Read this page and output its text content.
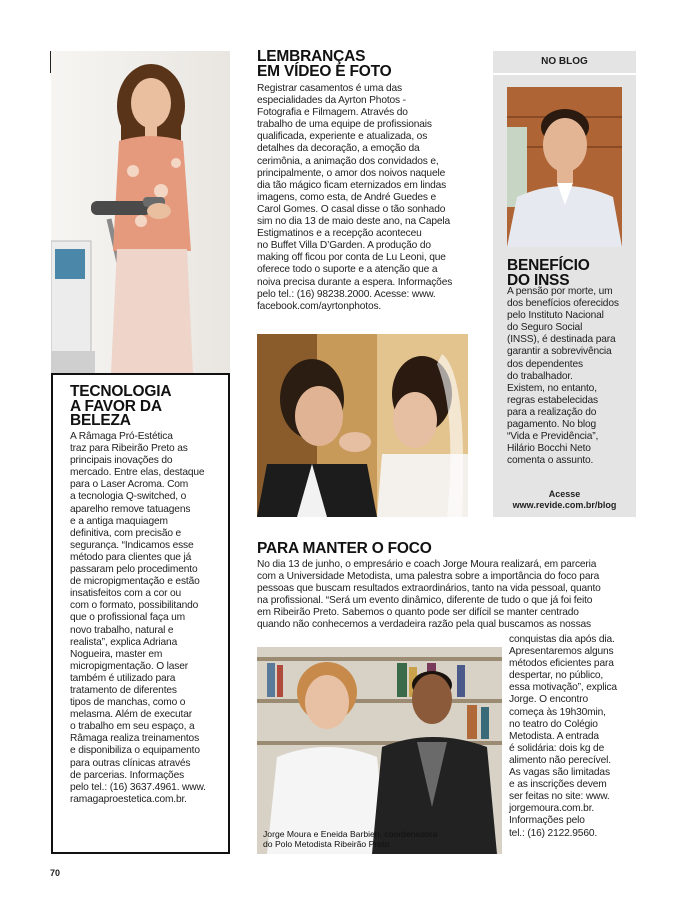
TECNOLOGIA
A FAVOR DA
BELEZA
A Râmaga Pró-Estética
traz para Ribeirão Preto as
principais inovações do
mercado. Entre elas, destaque
para o Laser Acroma. Com
a tecnologia Q-switched, o
aparelho remove tatuagens
e a antiga maquiagem
definitiva, com precisão e
segurança. “Indicamos esse
método para clientes que já
passaram pelo procedimento
de micropigmentação e estão
insatisfeitos com a cor ou
com o formato, possibilitando
que o profissional faça um
novo trabalho, natural e
realista”, explica Adriana
Nogueira, master em
micropigmentação. O laser
também é utilizado para
tratamento de diferentes
tipos de manchas, como o
melasma. Além de executar
o trabalho em seu espaço, a
Râmaga realiza treinamentos
e disponibiliza o equipamento
para outras clínicas através
de parcerias. Informações
pelo tel.: (16) 3637.4961. www.
ramagaproestetica.com.br.
LEMBRANÇAS
EM VÍDEO E FOTO
Registrar casamentos é uma das
especialidades da Ayrton Photos -
Fotografia e Filmagem. Através do
trabalho de uma equipe de profissionais
qualificada, experiente e atualizada, os
detalhes da decoração, a emoção da
cerimônia, a animação dos convidados e,
principalmente, o amor dos noivos naquele
dia tão mágico ficam eternizados em lindas
imagens, como esta, de André Guedes e
Carol Gomes. O casal disse o tão sonhado
sim no dia 13 de maio deste ano, na Capela
Estigmatinos e a recepção aconteceu
no Buffet Villa D’Garden. A produção do
making off ficou por conta de Lu Leoni, que
oferece todo o suporte e a atenção que a
noiva precisa durante a espera. Informações
pelo tel.: (16) 98238.2000. Acesse: www.
facebook.com/ayrtonphotos.
NO BLOG
BENEFÍCIO
DO INSS
A pensão por morte, um
dos benefícios oferecidos
pelo Instituto Nacional
do Seguro Social
(INSS), é destinada para
garantir a sobrevivência
dos dependentes
do trabalhador.
Existem, no entanto,
regras estabelecidas
para a realização do
pagamento. No blog
“Vida e Previdência”,
Hilário Bocchi Neto
comenta o assunto.
Acesse
www.revide.com.br/blog
PARA MANTER O FOCO
No dia 13 de junho, o empresário e coach Jorge Moura realizará, em parceria
com a Universidade Metodista, uma palestra sobre a importância do foco para
pessoas que buscam resultados extraordinários, tanto na vida pessoal, quanto
na profissional. “Será um evento dinâmico, diferente de tudo o que já foi feito
em Ribeirão Preto. Sabemos o quanto pode ser difícil se manter centrado
quando não conhecemos a verdadeira razão pela qual buscamos as nossas
Jorge Moura e Eneida Barbieri, coordenadora
do Polo Metodista Ribeirão Preto
conquistas dia após dia.
Apresentaremos alguns
métodos eficientes para
despertar, no público,
essa motivação”, explica
Jorge. O encontro
começa às 19h30min,
no teatro do Colégio
Metodista. A entrada
é solidária: dois kg de
alimento não perecível.
As vagas são limitadas
e as inscrições devem
ser feitas no site: www.
jorgemoura.com.br.
Informações pelo
tel.: (16) 2122.9560.
70
